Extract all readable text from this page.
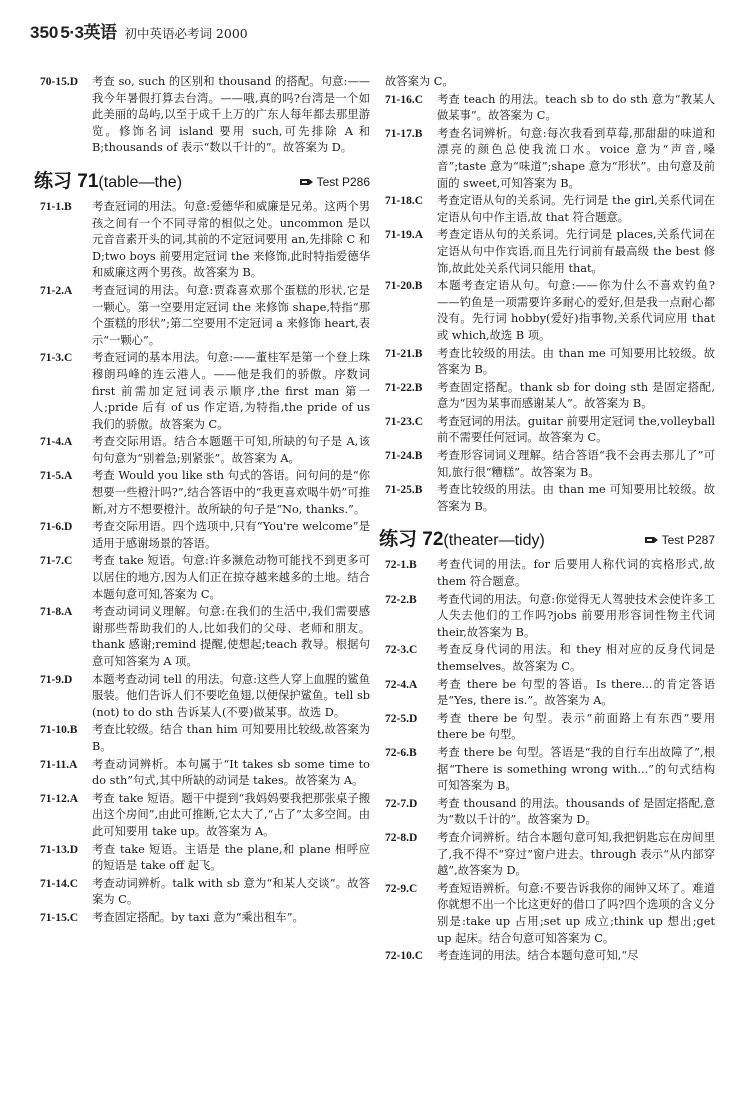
350 5·3英语 初中英语必考词 2000
70-15.D 考查 so, such 的区别和 thousand 的搭配。句意:——我今年暑假打算去台湾。——哦,真的吗?台湾是一个如此美丽的岛屿,以至于成千上万的广东人每年都去那里游览。修饰名词 island 要用 such,可先排除 A 和 B;thousands of 表示“数以千计的”。故答案为 D。
练习 71 (table—the)	Test P286
71-1.B 考查冠词的用法。句意:爱德华和威廉是兄弟。这两个男孩之间有一个不同寻常的相似之处。uncommon 是以元音音素开头的词,其前的不定冠词要用 an,先排除 C 和 D;two boys 前要用定冠词 the 来修饰,此时特指爱德华和威廉这两个男孩。故答案为 B。
71-2.A 考查冠词的用法。句意:贾森喜欢那个蛋糕的形状,它是一颗心。第一空要用定冠词 the 来修饰 shape,特指“那个蛋糕的形状”;第二空要用不定冠词 a 来修饰 heart,表示“一颗心”。
71-3.C 考查冠词的基本用法。句意:——董桂军是第一个登上珠穆朗玛峰的连云港人。——他是我们的骄傲。序数词 first 前需加定冠词表示顺序,the first man 第一人;pride 后有 of us 作定语,为特指,the pride of us 我们的骄傲。故答案为 C。
71-4.A 考查交际用语。结合本题题干可知,所缺的句子是 A,该句句意为“别着急;别紧张”。故答案为 A。
71-5.A 考查 Would you like sth 句式的答语。问句问的是“你想要一些橙汁吗?”,结合答语中的“我更喜欢喝牛奶”可推断,对方不想要橙汁。故所缺的句子是“No, thanks.”。
71-6.D 考查交际用语。四个选项中,只有“You're welcome”是适用于感谢场景的答语。
71-7.C 考查 take 短语。句意:许多濒危动物可能找不到更多可以居住的地方,因为人们正在掠夺越来越多的土地。结合本题句意可知,答案为 C。
71-8.A 考查动词词义理解。句意:在我们的生活中,我们需要感谢那些帮助我们的人,比如我们的父母、老师和朋友。thank 感谢;remind 提醒,使想起;teach 教导。根据句意可知答案为 A 项。
71-9.D 本题考查动词 tell 的用法。句意:这些人穿上血腥的鲨鱼服装。他们告诉人们不要吃鱼翅,以便保护鲨鱼。tell sb (not) to do sth 告诉某人(不要)做某事。故选 D。
71-10.B 考查比较级。结合 than him 可知要用比较级,故答案为 B。
71-11.A 考查动词辨析。本句属于“It takes sb some time to do sth”句式,其中所缺的动词是 takes。故答案为 A。
71-12.A 考查 take 短语。题干中提到“我妈妈要我把那张桌子搬出这个房间”,由此可推断,它太大了,“占了”太多空间。由此可知要用 take up。故答案为 A。
71-13.D 考查 take 短语。主语是 the plane,和 plane 相呼应的短语是 take off 起飞。
71-14.C 考查动词辨析。talk with sb 意为“和某人交谈”。故答案为 C。
71-15.C 考查固定搭配。by taxi 意为“乘出租车”。
故答案为 C。
71-16.C 考查 teach 的用法。teach sb to do sth 意为“教某人做某事”。故答案为 C。
71-17.B 考查名词辨析。句意:每次我看到草莓,那甜甜的味道和漂亮的颜色总使我流口水。voice 意为“声音,嗓音”;taste 意为“味道”;shape 意为“形状”。由句意及前面的 sweet,可知答案为 B。
71-18.C 考查定语从句的关系词。先行词是 the girl,关系代词在定语从句中作主语,故 that 符合题意。
71-19.A 考查定语从句的关系词。先行词是 places,关系代词在定语从句中作宾语,而且先行词前有最高级 the best 修饰,故此处关系代词只能用 that。
71-20.B 本题考查定语从句。句意:——你为什么不喜欢钓鱼?——钓鱼是一项需要许多耐心的爱好,但是我一点耐心都没有。先行词 hobby(爱好)指事物,关系代词应用 that 或 which,故选 B 项。
71-21.B 考查比较级的用法。由 than me 可知要用比较级。故答案为 B。
71-22.B 考查固定搭配。thank sb for doing sth 是固定搭配,意为“因为某事而感谢某人”。故答案为 B。
71-23.C 考查冠词的用法。guitar 前要用定冠词 the,volleyball 前不需要任何冠词。故答案为 C。
71-24.B 考查形容词词义理解。结合答语“我不会再去那儿了”可知,旅行很“糟糕”。故答案为 B。
71-25.B 考查比较级的用法。由 than me 可知要用比较级。故答案为 B。
练习 72 (theater—tidy)	Test P287
72-1.B 考查代词的用法。for 后要用人称代词的宾格形式,故 them 符合题意。
72-2.B 考查代词的用法。句意:你觉得无人驾驶技术会使许多工人失去他们的工作吗?jobs 前要用形容词性物主代词 their,故答案为 B。
72-3.C 考查反身代词的用法。和 they 相对应的反身代词是 themselves。故答案为 C。
72-4.A 考查 there be 句型的答语。Is there...的肯定答语是“Yes, there is.”。故答案为 A。
72-5.D 考查 there be 句型。表示“前面路上有东西”要用 there be 句型。
72-6.B 考查 there be 句型。答语是“我的自行车出故障了”,根据“There is something wrong with...”的句式结构可知答案为 B。
72-7.D 考查 thousand 的用法。thousands of 是固定搭配,意为“数以千计的”。故答案为 D。
72-8.D 考查介词辨析。结合本题句意可知,我把钥匙忘在房间里了,我不得不“穿过”窗户进去。through 表示“从内部穿越”,故答案为 D。
72-9.C 考查短语辨析。句意:不要告诉我你的闹钟又坏了。难道你就想不出一个比这更好的借口了吗?四个选项的含义分别是:take up 占用;set up 成立;think up 想出;get up 起床。结合句意可知答案为 C。
72-10.C 考查连词的用法。结合本题句意可知,“尽
